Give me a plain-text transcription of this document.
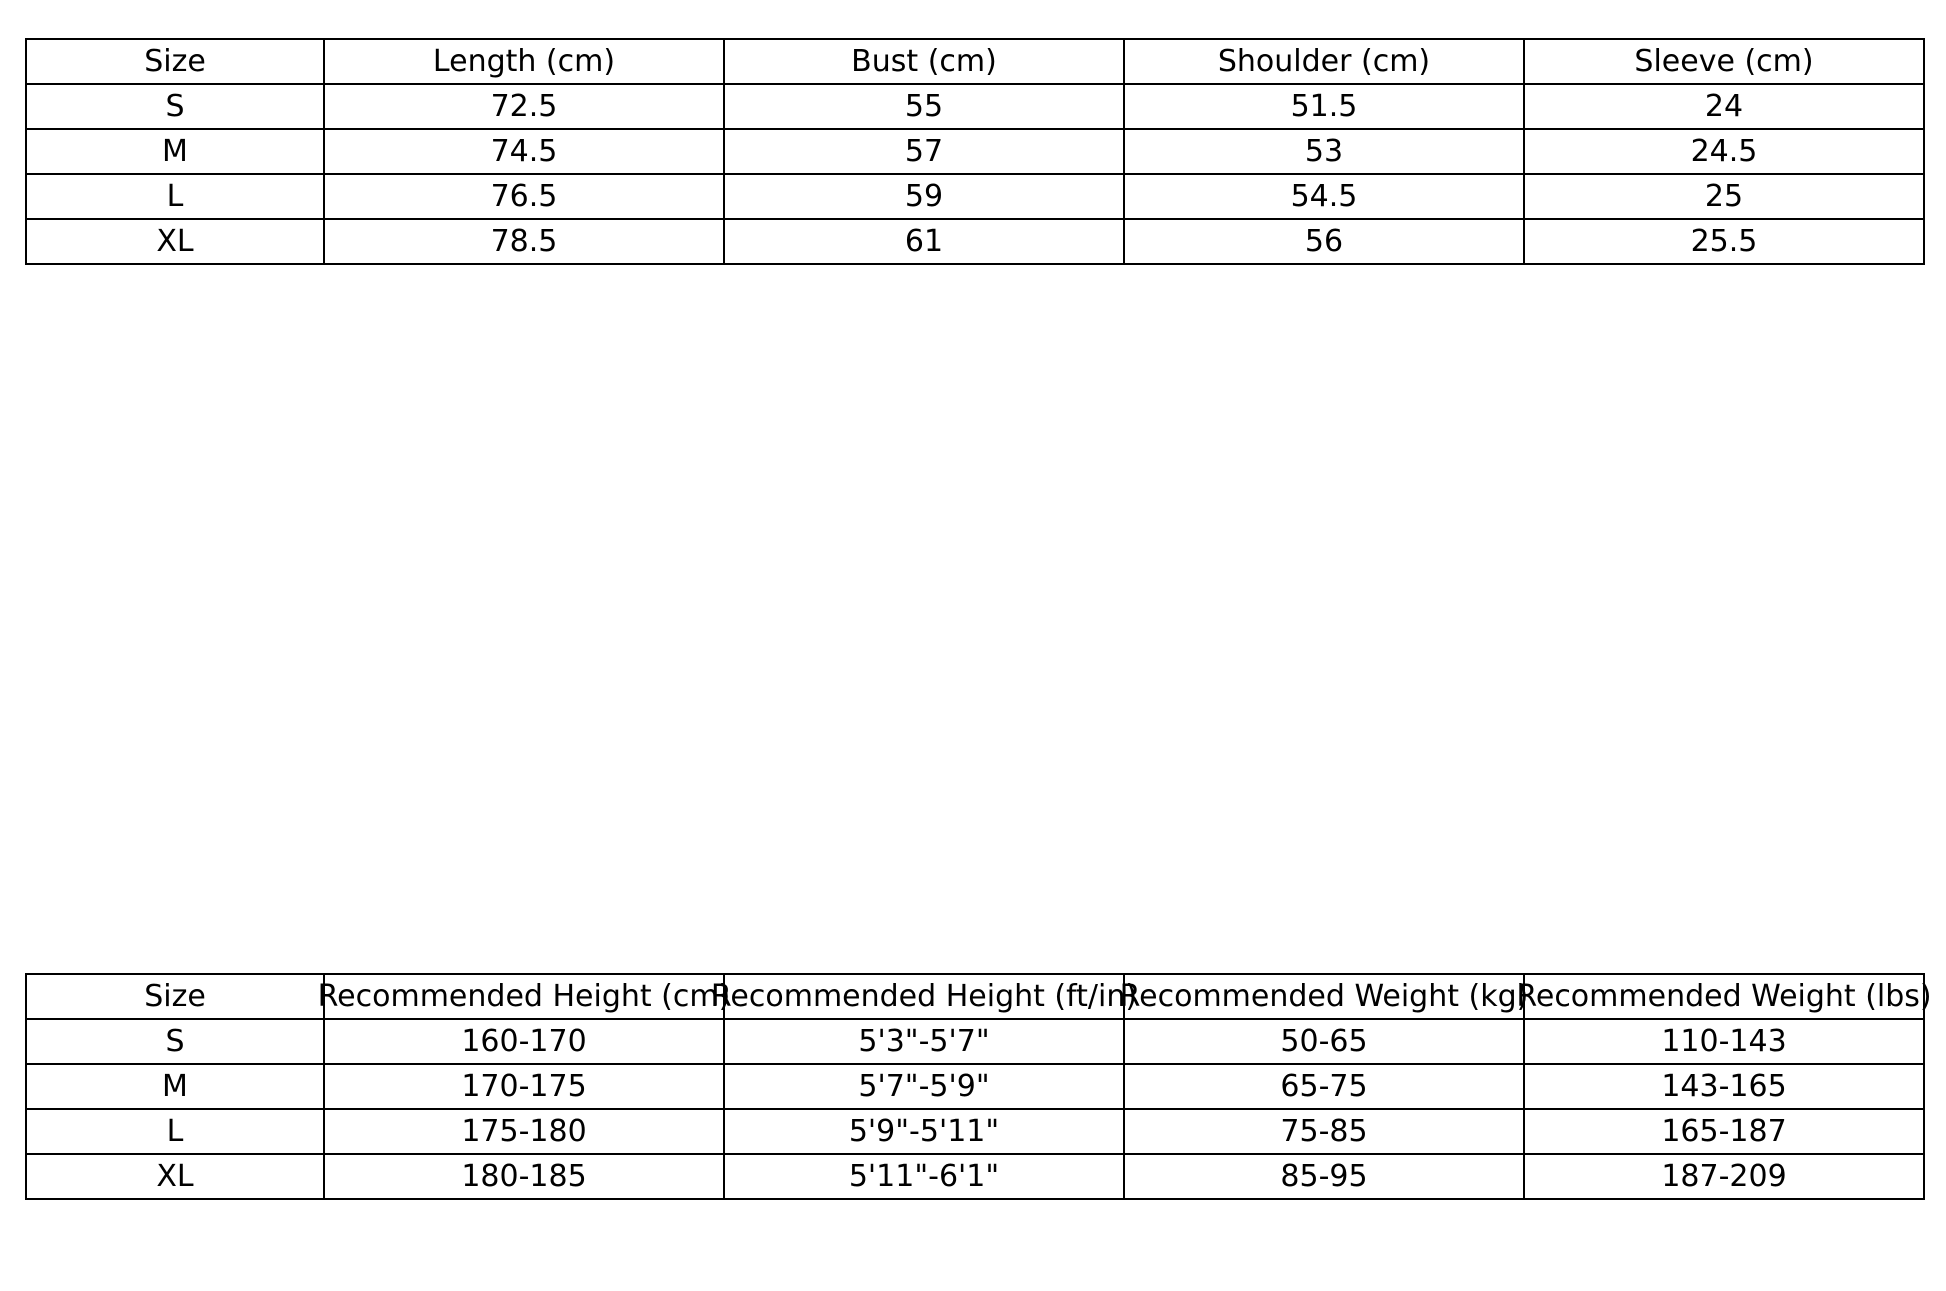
Size	Length (cm)	Bust (cm)	Shoulder (cm)	Sleeve (cm)
S	72.5	55	51.5	24
M	74.5	57	53	24.5
L	76.5	59	54.5	25
XL	78.5	61	56	25.5
Size	Recommended Height (cm)	Recommended Height (ft/in)	Recommended Weight (kg)	Recommended Weight (lbs)

S	160-170	5'3"-5'7"	50-65	110-143
M	170-175	5'7"-5'9"	65-75	143-165
L	175-180	5'9"-5'11"	75-85	165-187
XL	180-185	5'11"-6'1"	85-95	187-209
